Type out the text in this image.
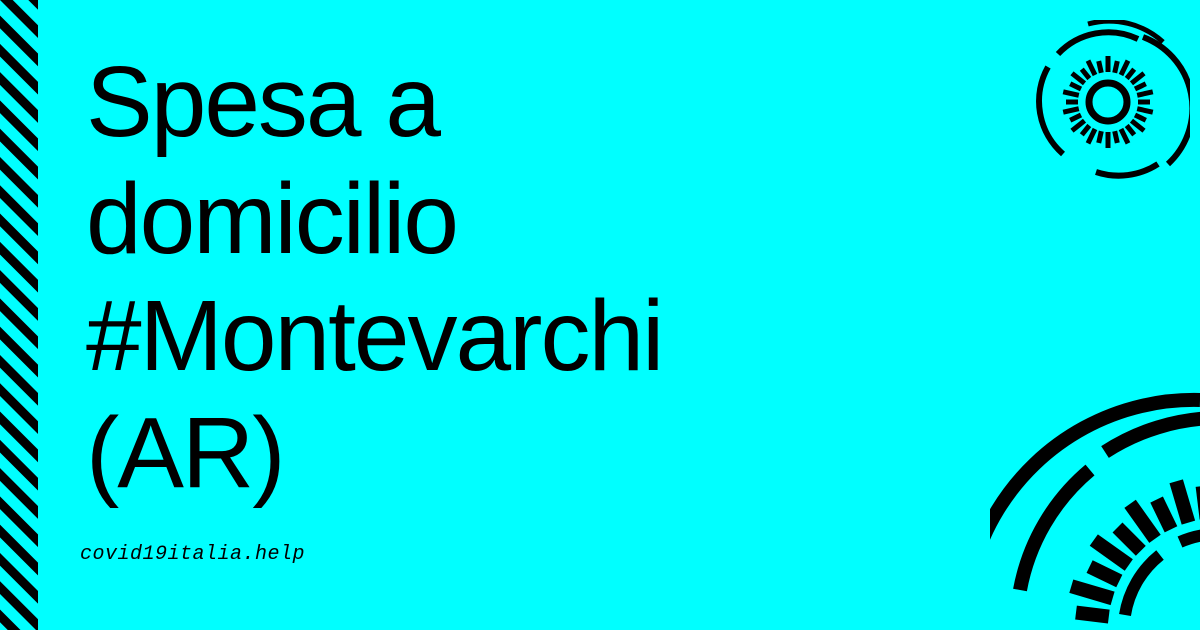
Spesa a
domicilio
#Montevarchi
(AR)
covid19italia.help
